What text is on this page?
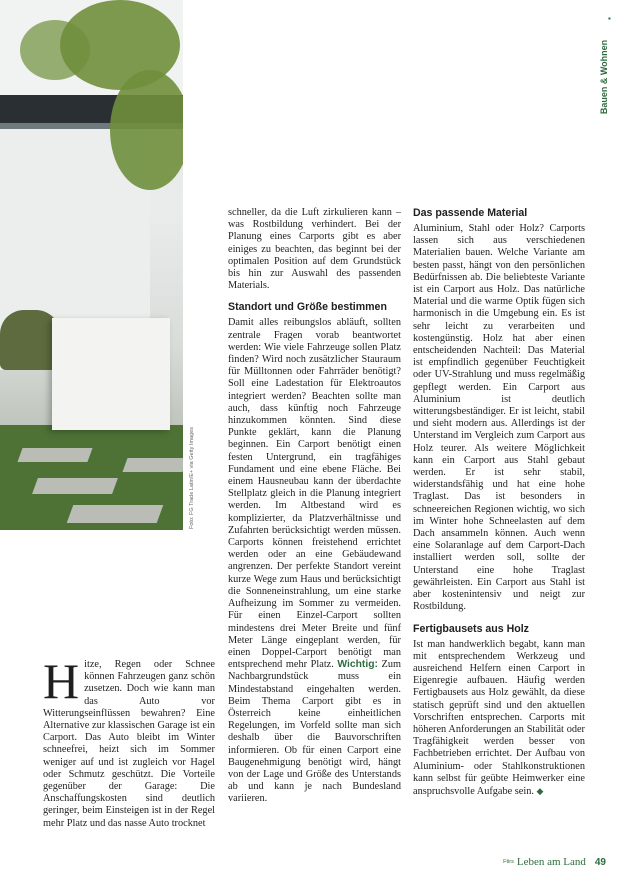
Foto: FG Trade Latin/E+ via Getty Images
▪
Bauen & Wohnen

Hitze, Regen oder Schnee können Fahrzeugen ganz schön zusetzen. Doch wie kann man das Auto vor Witterungseinflüssen bewahren? Eine Alternative zur klassischen Garage ist ein Carport. Das Auto bleibt im Winter schneefrei, heizt sich im Sommer weniger auf und ist zugleich vor Hagel oder Schmutz geschützt. Die Vorteile gegenüber der Garage: Die Anschaffungskosten sind deutlich geringer, beim Einsteigen ist in der Regel mehr Platz und das nasse Auto trocknet

schneller, da die Luft zirkulieren kann – was Rostbildung verhindert. Bei der Planung eines Carports gibt es aber einiges zu beachten, das beginnt bei der optimalen Position auf dem Grundstück bis hin zur Auswahl des passenden Materials.

Standort und Größe bestimmen

Damit alles reibungslos abläuft, sollten zentrale Fragen vorab beantwortet werden: Wie viele Fahrzeuge sollen Platz finden? Wird noch zusätzlicher Stauraum für Mülltonnen oder Fahrräder benötigt? Soll eine Ladestation für Elektroautos integriert werden? Beachten sollte man auch, dass künftig noch Fahrzeuge hinzukommen könnten. Sind diese Punkte geklärt, kann die Planung beginnen. Ein Carport benötigt einen festen Untergrund, ein tragfähiges Fundament und eine ebene Fläche. Bei einem Hausneubau kann der überdachte Stellplatz gleich in die Planung integriert werden. Im Altbestand wird es komplizierter, da Platzverhältnisse und Zufahrten berücksichtigt werden müssen. Carports können freistehend errichtet werden oder an eine Gebäudewand angrenzen. Der perfekte Standort vereint kurze Wege zum Haus und berücksichtigt die Sonneneinstrahlung, um eine starke Aufheizung im Sommer zu vermeiden. Für einen Einzel-Carport sollten mindestens drei Meter Breite und fünf Meter Länge eingeplant werden, für einen Doppel-Carport benötigt man entsprechend mehr Platz. Wichtig: Zum Nachbargrundstück muss ein Mindestabstand eingehalten werden. Beim Thema Carport gibt es in Österreich keine einheitlichen Regelungen, im Vorfeld sollte man sich deshalb über die Bauvorschriften informieren. Ob für einen Carport eine Baugenehmigung benötigt wird, hängt von der Lage und Größe des Unterstands ab und kann je nach Bundesland variieren.

Das passende Material

Aluminium, Stahl oder Holz? Carports lassen sich aus verschiedenen Materialien bauen. Welche Variante am besten passt, hängt von den persönlichen Bedürfnissen ab. Die beliebteste Variante ist ein Carport aus Holz. Das natürliche Material und die warme Optik fügen sich harmonisch in die Umgebung ein. Es ist sehr leicht zu verarbeiten und kostengünstig. Holz hat aber einen entscheidenden Nachteil: Das Material ist empfindlich gegenüber Feuchtigkeit oder UV-Strahlung und muss regelmäßig gepflegt werden. Ein Carport aus Aluminium ist deutlich witterungsbeständiger. Er ist leicht, stabil und sieht modern aus. Allerdings ist der Unterstand im Vergleich zum Carport aus Holz teurer. Als weitere Möglichkeit kann ein Carport aus Stahl gebaut werden. Er ist sehr stabil, widerstandsfähig und hat eine hohe Traglast. Das ist besonders in schneereichen Regionen wichtig, wo sich im Winter hohe Schneelasten auf dem Dach ansammeln können. Auch wenn eine Solaranlage auf dem Carport-Dach installiert werden soll, sollte der Unterstand eine hohe Traglast gewährleisten. Ein Carport aus Stahl ist aber kostenintensiv und neigt zur Rostbildung.

Fertigbausets aus Holz

Ist man handwerklich begabt, kann man mit entsprechendem Werkzeug und ausreichend Helfern einen Carport in Eigenregie aufbauen. Häufig werden Fertigbausets aus Holz gewählt, da diese statisch geprüft sind und den aktuellen Vorschriften entsprechen. Carports mit höheren Anforderungen an Stabilität oder Tragfähigkeit werden besser von Fachbetrieben errichtet. Der Aufbau von Aluminium- oder Stahlkonstruktionen kann selbst für geübte Heimwerker eine anspruchsvolle Aufgabe sein. ◆

$^{Ftirs}$ Leben am Land 49
